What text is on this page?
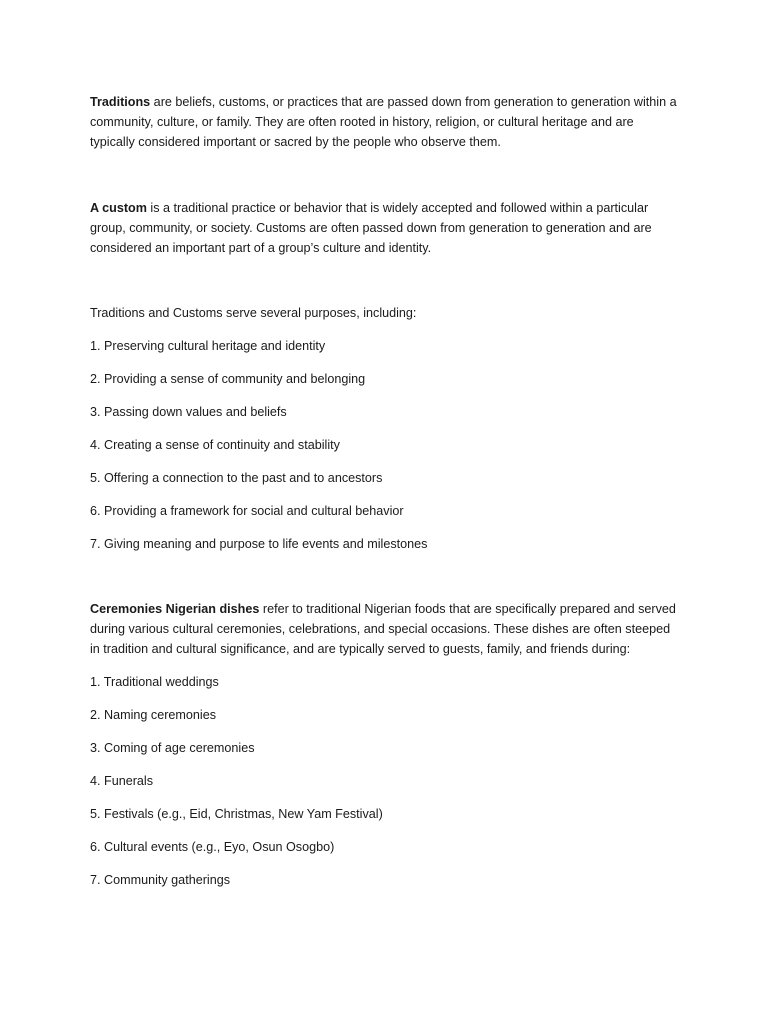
Traditions are beliefs, customs, or practices that are passed down from generation to generation within a community, culture, or family. They are often rooted in history, religion, or cultural heritage and are typically considered important or sacred by the people who observe them.

A custom is a traditional practice or behavior that is widely accepted and followed within a particular group, community, or society. Customs are often passed down from generation to generation and are considered an important part of a group’s culture and identity.

Traditions and Customs serve several purposes, including:

1. Preserving cultural heritage and identity

2. Providing a sense of community and belonging

3. Passing down values and beliefs

4. Creating a sense of continuity and stability

5. Offering a connection to the past and to ancestors

6. Providing a framework for social and cultural behavior

7. Giving meaning and purpose to life events and milestones

Ceremonies Nigerian dishes refer to traditional Nigerian foods that are specifically prepared and served during various cultural ceremonies, celebrations, and special occasions. These dishes are often steeped in tradition and cultural significance, and are typically served to guests, family, and friends during:

1. Traditional weddings

2. Naming ceremonies

3. Coming of age ceremonies

4. Funerals

5. Festivals (e.g., Eid, Christmas, New Yam Festival)

6. Cultural events (e.g., Eyo, Osun Osogbo)

7. Community gatherings
